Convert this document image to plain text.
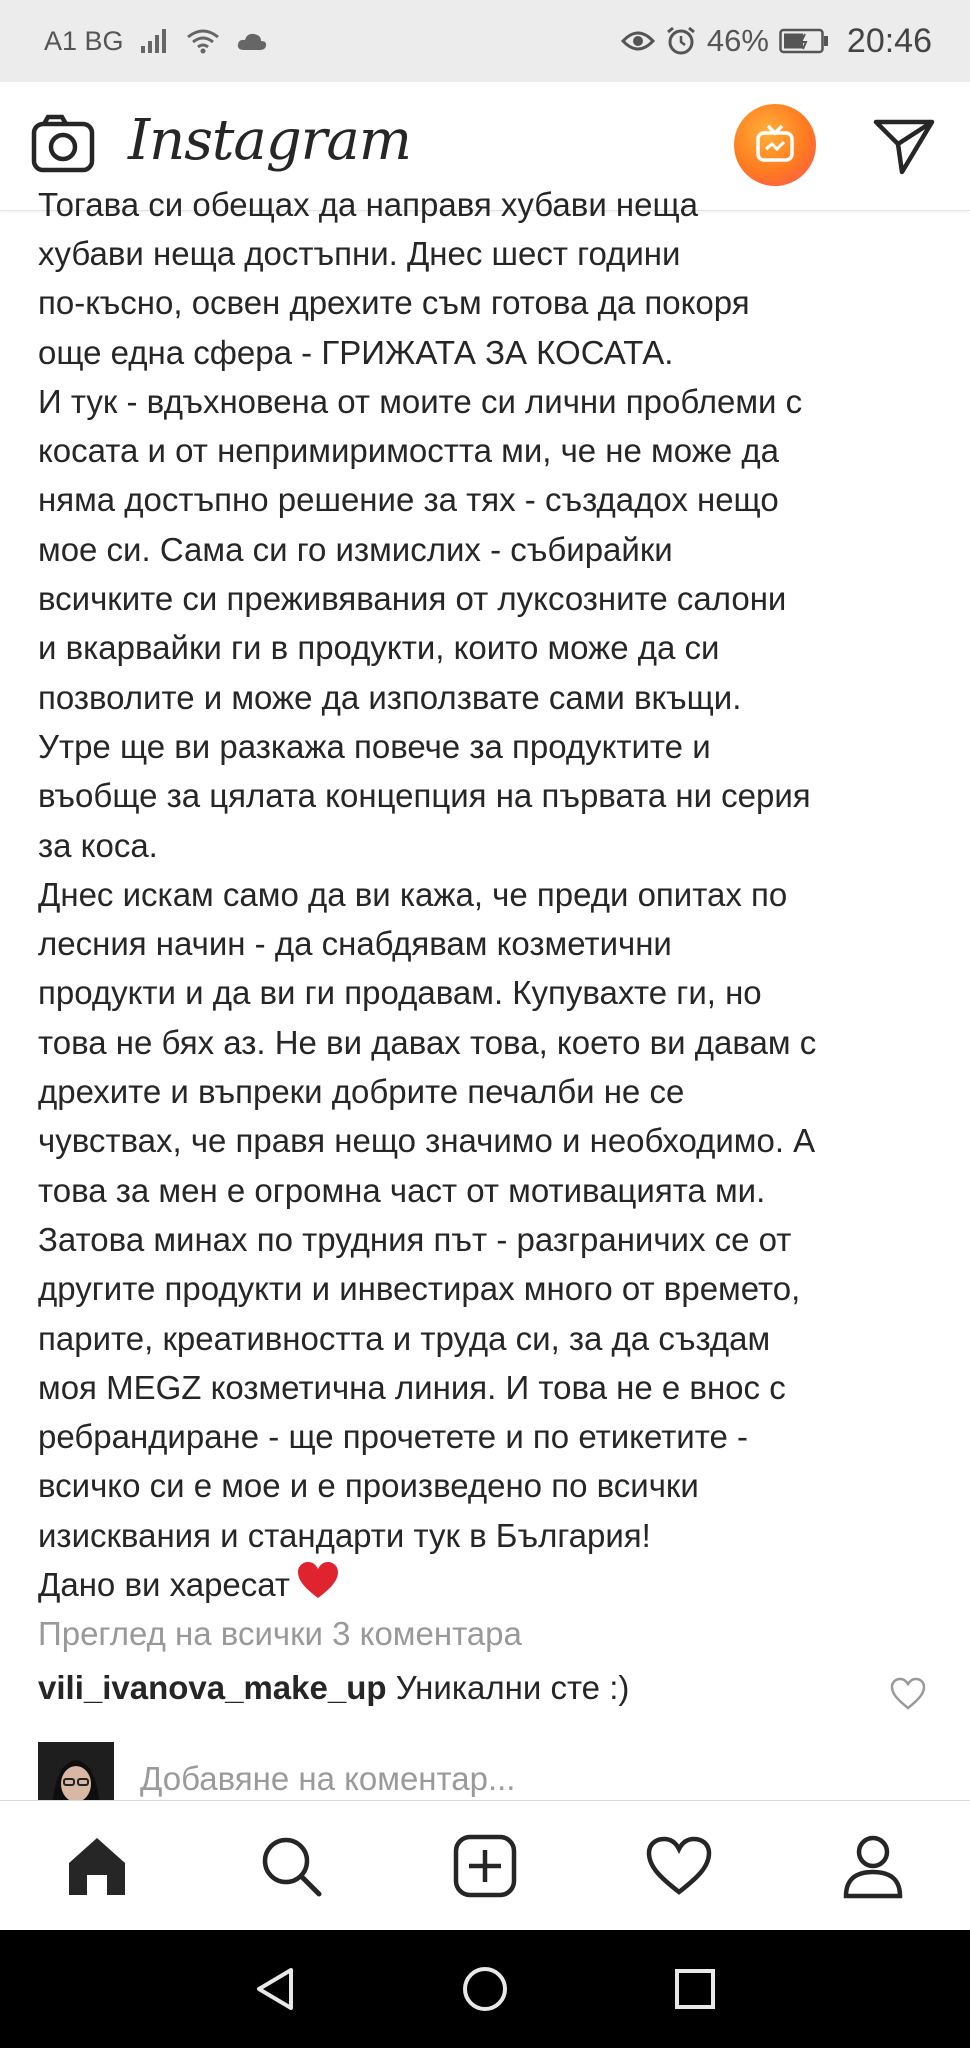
A1 BG	46% 20:46
Instagram
Тогава си обещах да направя хубави неща
хубави неща достъпни. Днес шест години
по-късно, освен дрехите съм готова да покоря
още една сфера - ГРИЖАТА ЗА КОСАТА.
И тук - вдъхновена от моите си лични проблеми с
косата и от непримиримостта ми, че не може да
няма достъпно решение за тях - създадох нещо
мое си. Сама си го измислих - събирайки
всичките си преживявания от луксозните салони
и вкарвайки ги в продукти, които може да си
позволите и може да използвате сами вкъщи.
Утре ще ви разкажа повече за продуктите и
въобще за цялата концепция на първата ни серия
за коса.
Днес искам само да ви кажа, че преди опитах по
лесния начин - да снабдявам козметични
продукти и да ви ги продавам. Купувахте ги, но
това не бях аз. Не ви давах това, което ви давам с
дрехите и въпреки добрите печалби не се
чувствах, че правя нещо значимо и необходимо. А
това за мен е огромна част от мотивацията ми.
Затова минах по трудния път - разграничих се от
другите продукти и инвестирах много от времето,
парите, креативността и труда си, за да създам
моя MEGZ козметична линия. И това не е внос с
ребрандиране - ще прочетете и по етикетите -
всичко си е мое и е произведено по всички
изисквания и стандарти тук в България!
Дано ви харесат
Преглед на всички 3 коментара
vili_ivanova_make_up Уникални сте :)
Добавяне на коментар...
